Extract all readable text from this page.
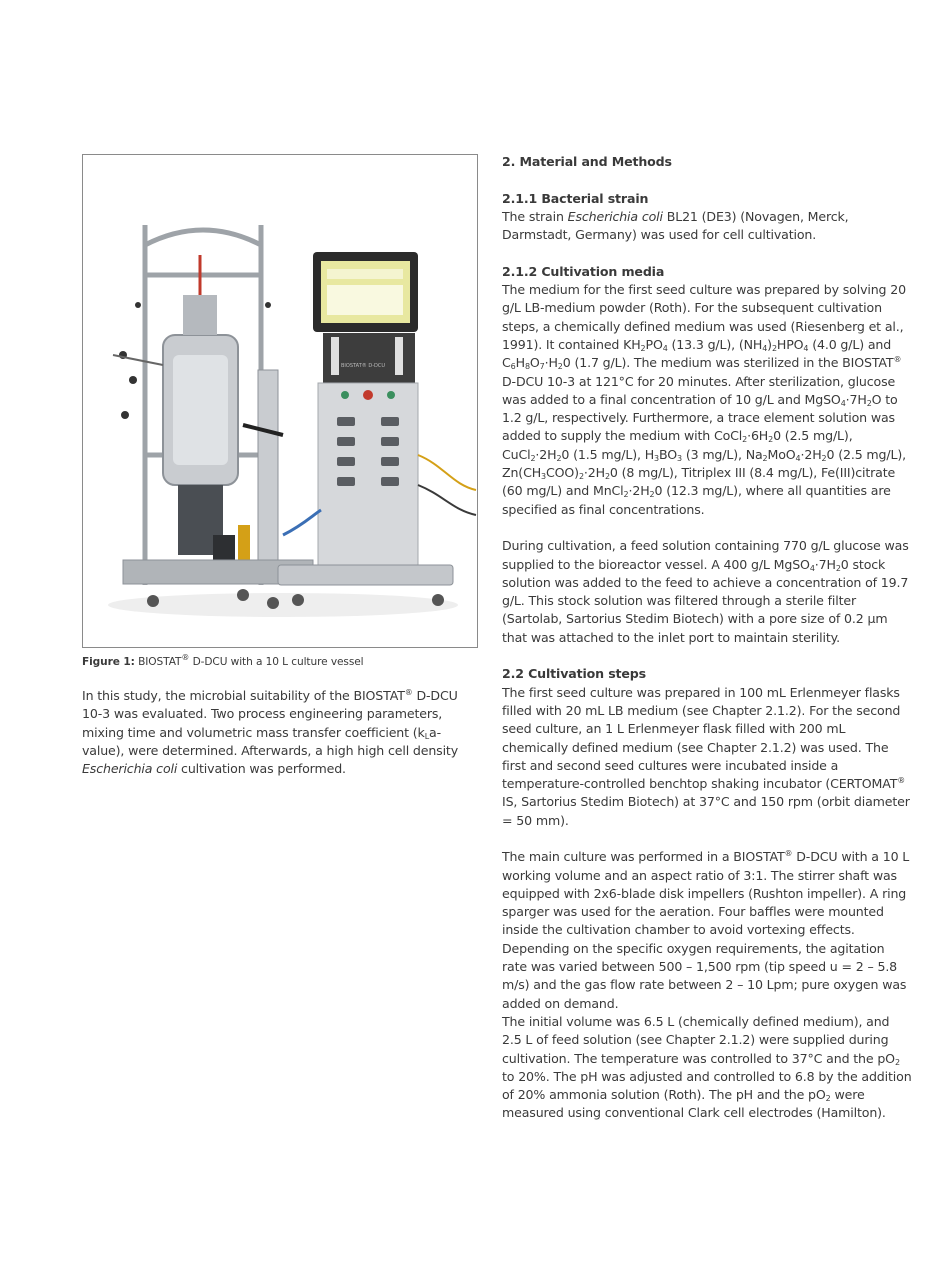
BIOSTAT® D-DCU
Figure 1: BIOSTAT® D-DCU with a 10 L culture vessel

In this study, the microbial suitability of the BIOSTAT® D-DCU 10-3 was evaluated. Two process engineering parameters, mixing time and volumetric mass transfer coefficient $(k_La-value)$, were determined. Afterwards, a high high cell density Escherichia coli cultivation was performed.

2. Material and Methods
2.1.1 Bacterial strain

The strain Escherichia coli BL21 (DE3) (Novagen, Merck, Darmstadt, Germany) was used for cell cultivation.

2.1.2 Cultivation media

The medium for the first seed culture was prepared by solving 20 g/L LB-medium powder (Roth). For the subsequent cultivation steps, a chemically defined medium was used (Riesenberg et al., 1991). It contained $KH_2PO_4$ (13.3 g/L), $(NH_4)_2HPO_4$ (4.0 g/L) and $C_6H_8O_7\cdot H_20$ (1.7 g/L). The medium was sterilized in the BIOSTAT® D-DCU 10-3 at 121°C for 20 minutes. After sterilization, glucose was added to a final concentration of 10 g/L and $MgSO_4\cdot 7H_2O$ to 1.2 g/L, respectively. Furthermore, a trace element solution was added to supply the medium with $CoCl_2\cdot 6H_20$ (2.5 mg/L), $CuCl_2\cdot 2H_20$ (1.5 mg/L), $H_3BO_3$ (3 mg/L), $Na_2MoO_4\cdot 2H_20$ (2.5 mg/L), $Zn(CH_3COO)_2\cdot 2H_20$ (8 mg/L), Titriplex III (8.4 mg/L), Fe(III)citrate (60 mg/L) and $MnCl_2\cdot 2H_20$ (12.3 mg/L), where all quantities are specified as final concentrations.

During cultivation, a feed solution containing 770 g/L glucose was supplied to the bioreactor vessel. A 400 g/L $MgSO_4\cdot 7H_20$ stock solution was added to the feed to achieve a concentration of 19.7 g/L. This stock solution was filtered through a sterile filter (Sartolab, Sartorius Stedim Biotech) with a pore size of 0.2 µm that was attached to the inlet port to maintain sterility.

2.2 Cultivation steps

The first seed culture was prepared in 100 mL Erlenmeyer flasks filled with 20 mL LB medium (see Chapter 2.1.2). For the second seed culture, an 1 L Erlenmeyer flask filled with 200 mL chemically defined medium (see Chapter 2.1.2) was used. The first and second seed cultures were incubated inside a temperature-controlled benchtop shaking incubator (CERTOMAT® IS, Sartorius Stedim Biotech) at 37°C and 150 rpm (orbit diameter = 50 mm).

The main culture was performed in a BIOSTAT® D-DCU with a 10 L working volume and an aspect ratio of 3:1. The stirrer shaft was equipped with 2x6-blade disk impellers (Rushton impeller). A ring sparger was used for the aeration. Four baffles were mounted inside the cultivation chamber to avoid vortexing effects. Depending on the specific oxygen requirements, the agitation rate was varied between 500 – 1,500 rpm (tip speed u = 2 – 5.8 m/s) and the gas flow rate between 2 – 10 Lpm; pure oxygen was added on demand.

The initial volume was 6.5 L (chemically defined medium), and 2.5 L of feed solution (see Chapter 2.1.2) were supplied during cultivation. The temperature was controlled to 37°C and the $pO_2$ to 20%. The pH was adjusted and controlled to 6.8 by the addition of 20% ammonia solution (Roth). The pH and the $pO_2$ were measured using conventional Clark cell electrodes (Hamilton).
